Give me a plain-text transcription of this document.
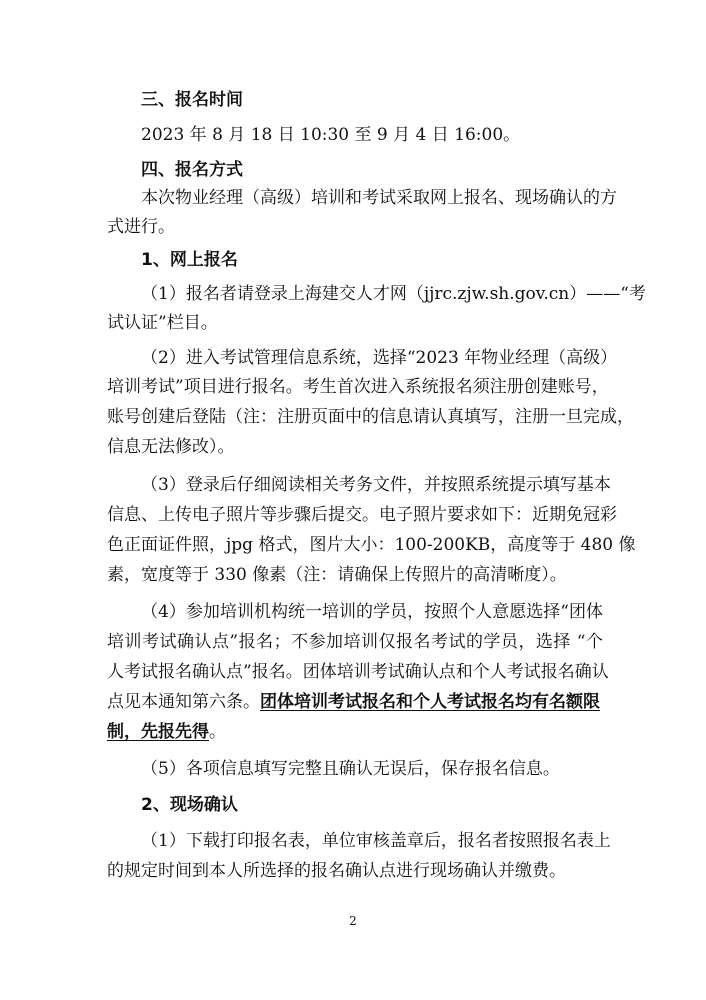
三、报名时间
2023 年 8 月 18 日 10:30 至 9 月 4 日 16:00。
四、报名方式
本次物业经理（高级）培训和考试采取网上报名、现场确认的方
式进行。
1、网上报名
（1）报名者请登录上海建交人才网（jjrc.zjw.sh.gov.cn）——“考
试认证”栏目。
（2）进入考试管理信息系统，选择“2023 年物业经理（高级）
培训考试”项目进行报名。考生首次进入系统报名须注册创建账号，
账号创建后登陆（注：注册页面中的信息请认真填写，注册一旦完成，
信息无法修改）。
（3）登录后仔细阅读相关考务文件，并按照系统提示填写基本
信息、上传电子照片等步骤后提交。电子照片要求如下：近期免冠彩
色正面证件照，jpg 格式，图片大小：100-200KB，高度等于 480 像
素，宽度等于 330 像素（注：请确保上传照片的高清晰度）。
（4）参加培训机构统一培训的学员，按照个人意愿选择“团体
培训考试确认点”报名；不参加培训仅报名考试的学员，选择 “个
人考试报名确认点”报名。团体培训考试确认点和个人考试报名确认
点见本通知第六条。团体培训考试报名和个人考试报名均有名额限
制，先报先得。
（5）各项信息填写完整且确认无误后，保存报名信息。
2、现场确认
（1）下载打印报名表，单位审核盖章后，报名者按照报名表上
的规定时间到本人所选择的报名确认点进行现场确认并缴费。
2
